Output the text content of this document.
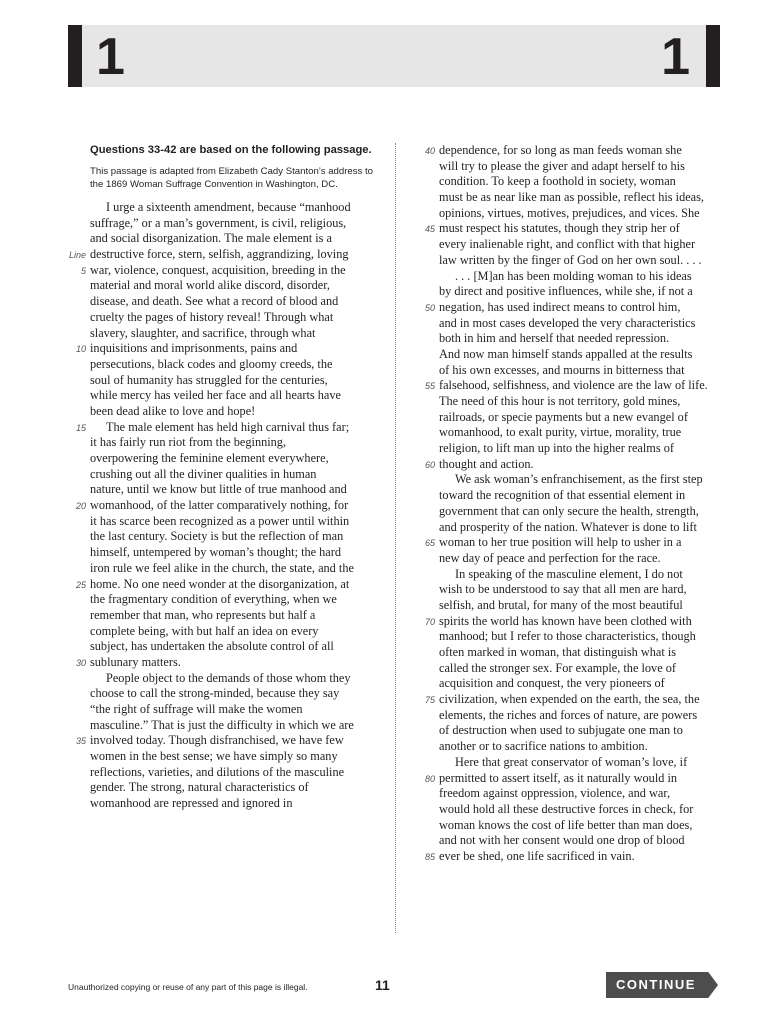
1	1
Questions 33-42 are based on the following passage.
This passage is adapted from Elizabeth Cady Stanton’s address to the 1869 Woman Suffrage Convention in Washington, DC.
I urge a sixteenth amendment, because “manhood
suffrage,” or a man’s government, is civil, religious,
and social disorganization. The male element is a
Line destructive force, stern, selfish, aggrandizing, loving
5 war, violence, conquest, acquisition, breeding in the
material and moral world alike discord, disorder,
disease, and death. See what a record of blood and
cruelty the pages of history reveal! Through what
slavery, slaughter, and sacrifice, through what
10 inquisitions and imprisonments, pains and
persecutions, black codes and gloomy creeds, the
soul of humanity has struggled for the centuries,
while mercy has veiled her face and all hearts have
been dead alike to love and hope!
15 The male element has held high carnival thus far;
it has fairly run riot from the beginning,
overpowering the feminine element everywhere,
crushing out all the diviner qualities in human
nature, until we know but little of true manhood and
20 womanhood, of the latter comparatively nothing, for
it has scarce been recognized as a power until within
the last century. Society is but the reflection of man
himself, untempered by woman’s thought; the hard
iron rule we feel alike in the church, the state, and the
25 home. No one need wonder at the disorganization, at
the fragmentary condition of everything, when we
remember that man, who represents but half a
complete being, with but half an idea on every
subject, has undertaken the absolute control of all
30 sublunary matters.
People object to the demands of those whom they
choose to call the strong-minded, because they say
“the right of suffrage will make the women
masculine.” That is just the difficulty in which we are
35 involved today. Though disfranchised, we have few
women in the best sense; we have simply so many
reflections, varieties, and dilutions of the masculine
gender. The strong, natural characteristics of
womanhood are repressed and ignored in
40 dependence, for so long as man feeds woman she
will try to please the giver and adapt herself to his
condition. To keep a foothold in society, woman
must be as near like man as possible, reflect his ideas,
opinions, virtues, motives, prejudices, and vices. She
45 must respect his statutes, though they strip her of
every inalienable right, and conflict with that higher
law written by the finger of God on her own soul. . . .
. . . [M]an has been molding woman to his ideas
by direct and positive influences, while she, if not a
50 negation, has used indirect means to control him,
and in most cases developed the very characteristics
both in him and herself that needed repression.
And now man himself stands appalled at the results
of his own excesses, and mourns in bitterness that
55 falsehood, selfishness, and violence are the law of life.
The need of this hour is not territory, gold mines,
railroads, or specie payments but a new evangel of
womanhood, to exalt purity, virtue, morality, true
religion, to lift man up into the higher realms of
60 thought and action.
We ask woman’s enfranchisement, as the first step
toward the recognition of that essential element in
government that can only secure the health, strength,
and prosperity of the nation. Whatever is done to lift
65 woman to her true position will help to usher in a
new day of peace and perfection for the race.
In speaking of the masculine element, I do not
wish to be understood to say that all men are hard,
selfish, and brutal, for many of the most beautiful
70 spirits the world has known have been clothed with
manhood; but I refer to those characteristics, though
often marked in woman, that distinguish what is
called the stronger sex. For example, the love of
acquisition and conquest, the very pioneers of
75 civilization, when expended on the earth, the sea, the
elements, the riches and forces of nature, are powers
of destruction when used to subjugate one man to
another or to sacrifice nations to ambition.
Here that great conservator of woman’s love, if
80 permitted to assert itself, as it naturally would in
freedom against oppression, violence, and war,
would hold all these destructive forces in check, for
woman knows the cost of life better than man does,
and not with her consent would one drop of blood
85 ever be shed, one life sacrificed in vain.
Unauthorized copying or reuse of any part of this page is illegal.	11	CONTINUE
